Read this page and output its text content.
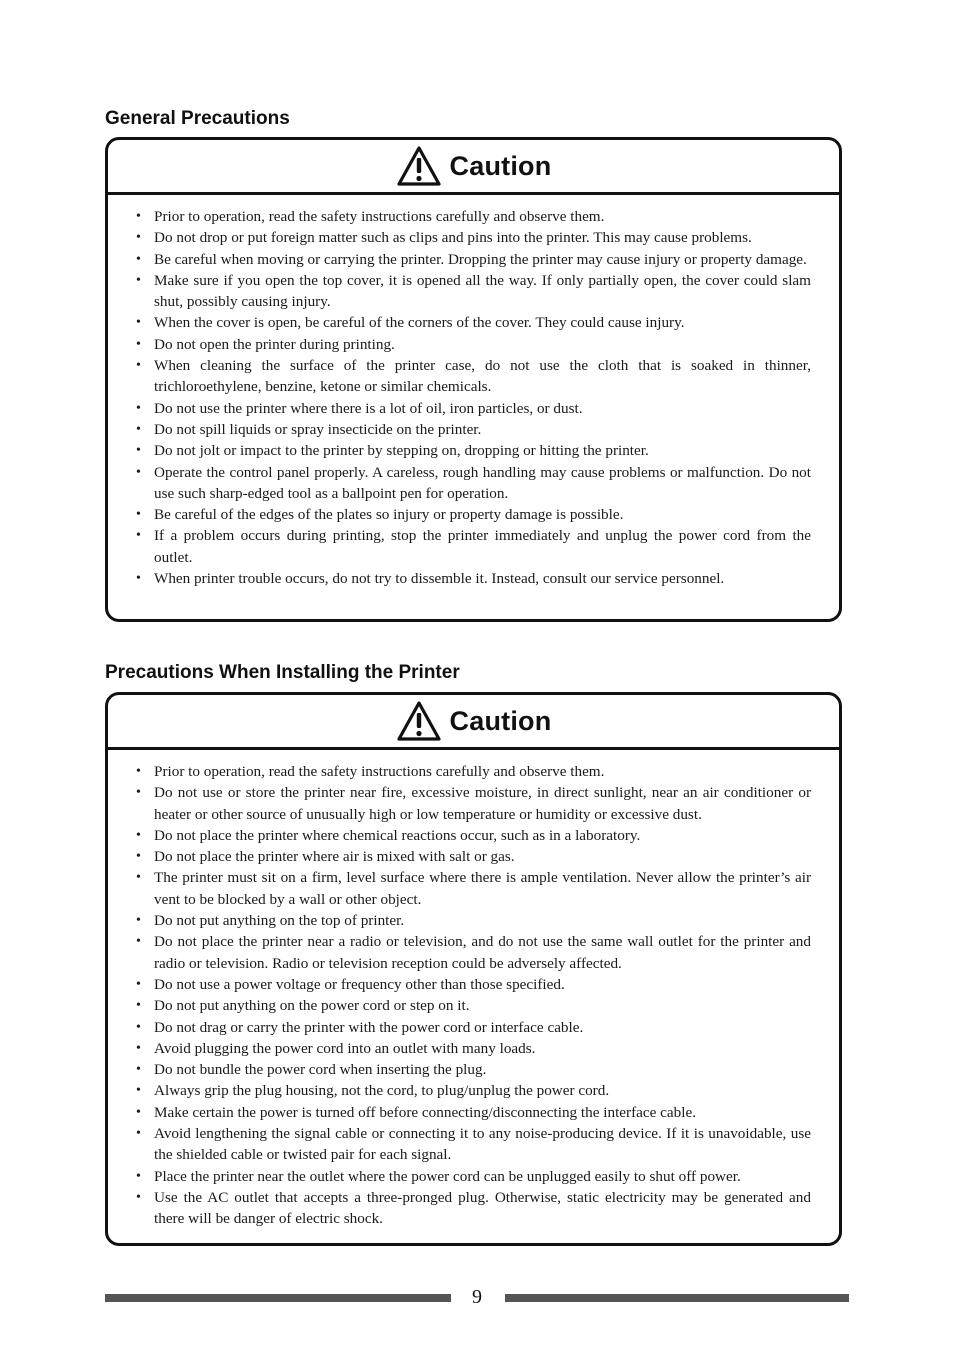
General Precautions
Caution
• Prior to operation, read the safety instructions carefully and observe them.
• Do not drop or put foreign matter such as clips and pins into the printer. This may cause problems.
• Be careful when moving or carrying the printer. Dropping the printer may cause injury or property damage.
• Make sure if you open the top cover, it is opened all the way. If only partially open, the cover could slam shut, possibly causing injury.
• When the cover is open, be careful of the corners of the cover. They could cause injury.
• Do not open the printer during printing.
• When cleaning the surface of the printer case, do not use the cloth that is soaked in thinner, trichloroethylene, benzine, ketone or similar chemicals.
• Do not use the printer where there is a lot of oil, iron particles, or dust.
• Do not spill liquids or spray insecticide on the printer.
• Do not jolt or impact to the printer by stepping on, dropping or hitting the printer.
• Operate the control panel properly. A careless, rough handling may cause problems or malfunction. Do not use such sharp-edged tool as a ballpoint pen for operation.
• Be careful of the edges of the plates so injury or property damage is possible.
• If a problem occurs during printing, stop the printer immediately and unplug the power cord from the outlet.
• When printer trouble occurs, do not try to dissemble it. Instead, consult our service personnel.
Precautions When Installing the Printer
Caution
• Prior to operation, read the safety instructions carefully and observe them.
• Do not use or store the printer near fire, excessive moisture, in direct sunlight, near an air conditioner or heater or other source of unusually high or low temperature or humidity or excessive dust.
• Do not place the printer where chemical reactions occur, such as in a laboratory.
• Do not place the printer where air is mixed with salt or gas.
• The printer must sit on a firm, level surface where there is ample ventilation. Never allow the printer’s air vent to be blocked by a wall or other object.
• Do not put anything on the top of printer.
• Do not place the printer near a radio or television, and do not use the same wall outlet for the printer and radio or television. Radio or television reception could be adversely affected.
• Do not use a power voltage or frequency other than those specified.
• Do not put anything on the power cord or step on it.
• Do not drag or carry the printer with the power cord or interface cable.
• Avoid plugging the power cord into an outlet with many loads.
• Do not bundle the power cord when inserting the plug.
• Always grip the plug housing, not the cord, to plug/unplug the power cord.
• Make certain the power is turned off before connecting/disconnecting the interface cable.
• Avoid lengthening the signal cable or connecting it to any noise-producing device. If it is unavoidable, use the shielded cable or twisted pair for each signal.
• Place the printer near the outlet where the power cord can be unplugged easily to shut off power.
• Use the AC outlet that accepts a three-pronged plug. Otherwise, static electricity may be generated and there will be danger of electric shock.
9
